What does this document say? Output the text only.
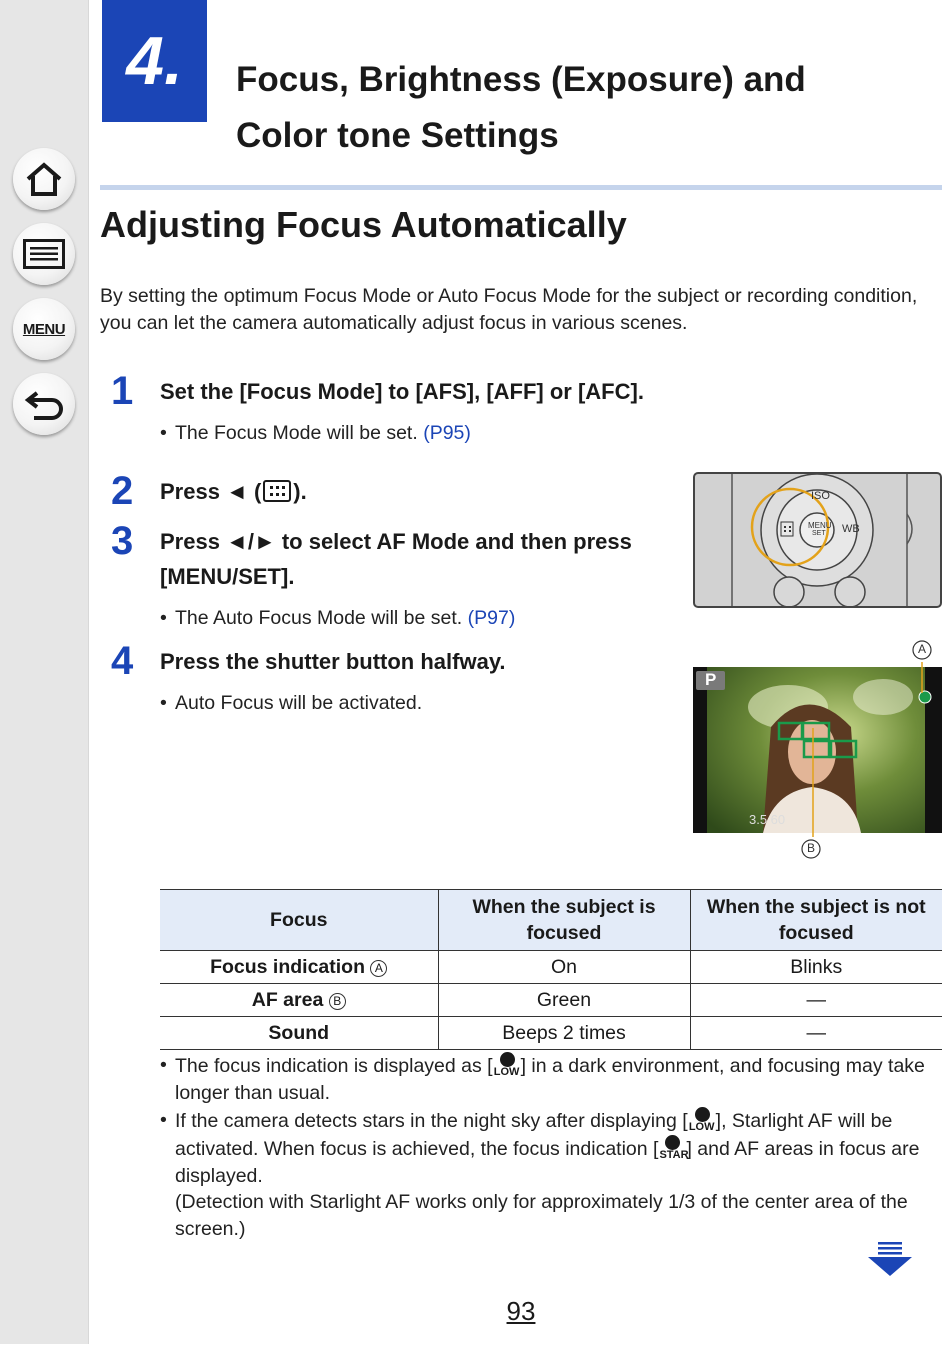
MENU
4.	Focus, Brightness (Exposure) and
Color tone Settings
Adjusting Focus Automatically
By setting the optimum Focus Mode or Auto Focus Mode for the subject or recording condition, you can let the camera automatically adjust focus in various scenes.
1 Set the [Focus Mode] to [AFS], [AFF] or [AFC].
• The Focus Mode will be set. (P95)
2 Press ◄ ( ).
3 Press ◄/► to select AF Mode and then press [MENU/SET].
• The Auto Focus Mode will be set. (P97)
4 Press the shutter button halfway.
• Auto Focus will be activated.
ISO
WB
MENU
SET
P
3.5 60
A
B
Focus	When the subject is focused	When the subject is not focused
Focus indication A	On	Blinks
AF area B	Green	—
Sound	Beeps 2 times	—
• The focus indication is displayed as [ LOW ] in a dark environment, and focusing may take longer than usual.
• If the camera detects stars in the night sky after displaying [ LOW ], Starlight AF will be activated. When focus is achieved, the focus indication [ STAR
] and AF areas in focus are displayed.
(Detection with Starlight AF works only for approximately 1/3 of the center area of the screen.)
93
